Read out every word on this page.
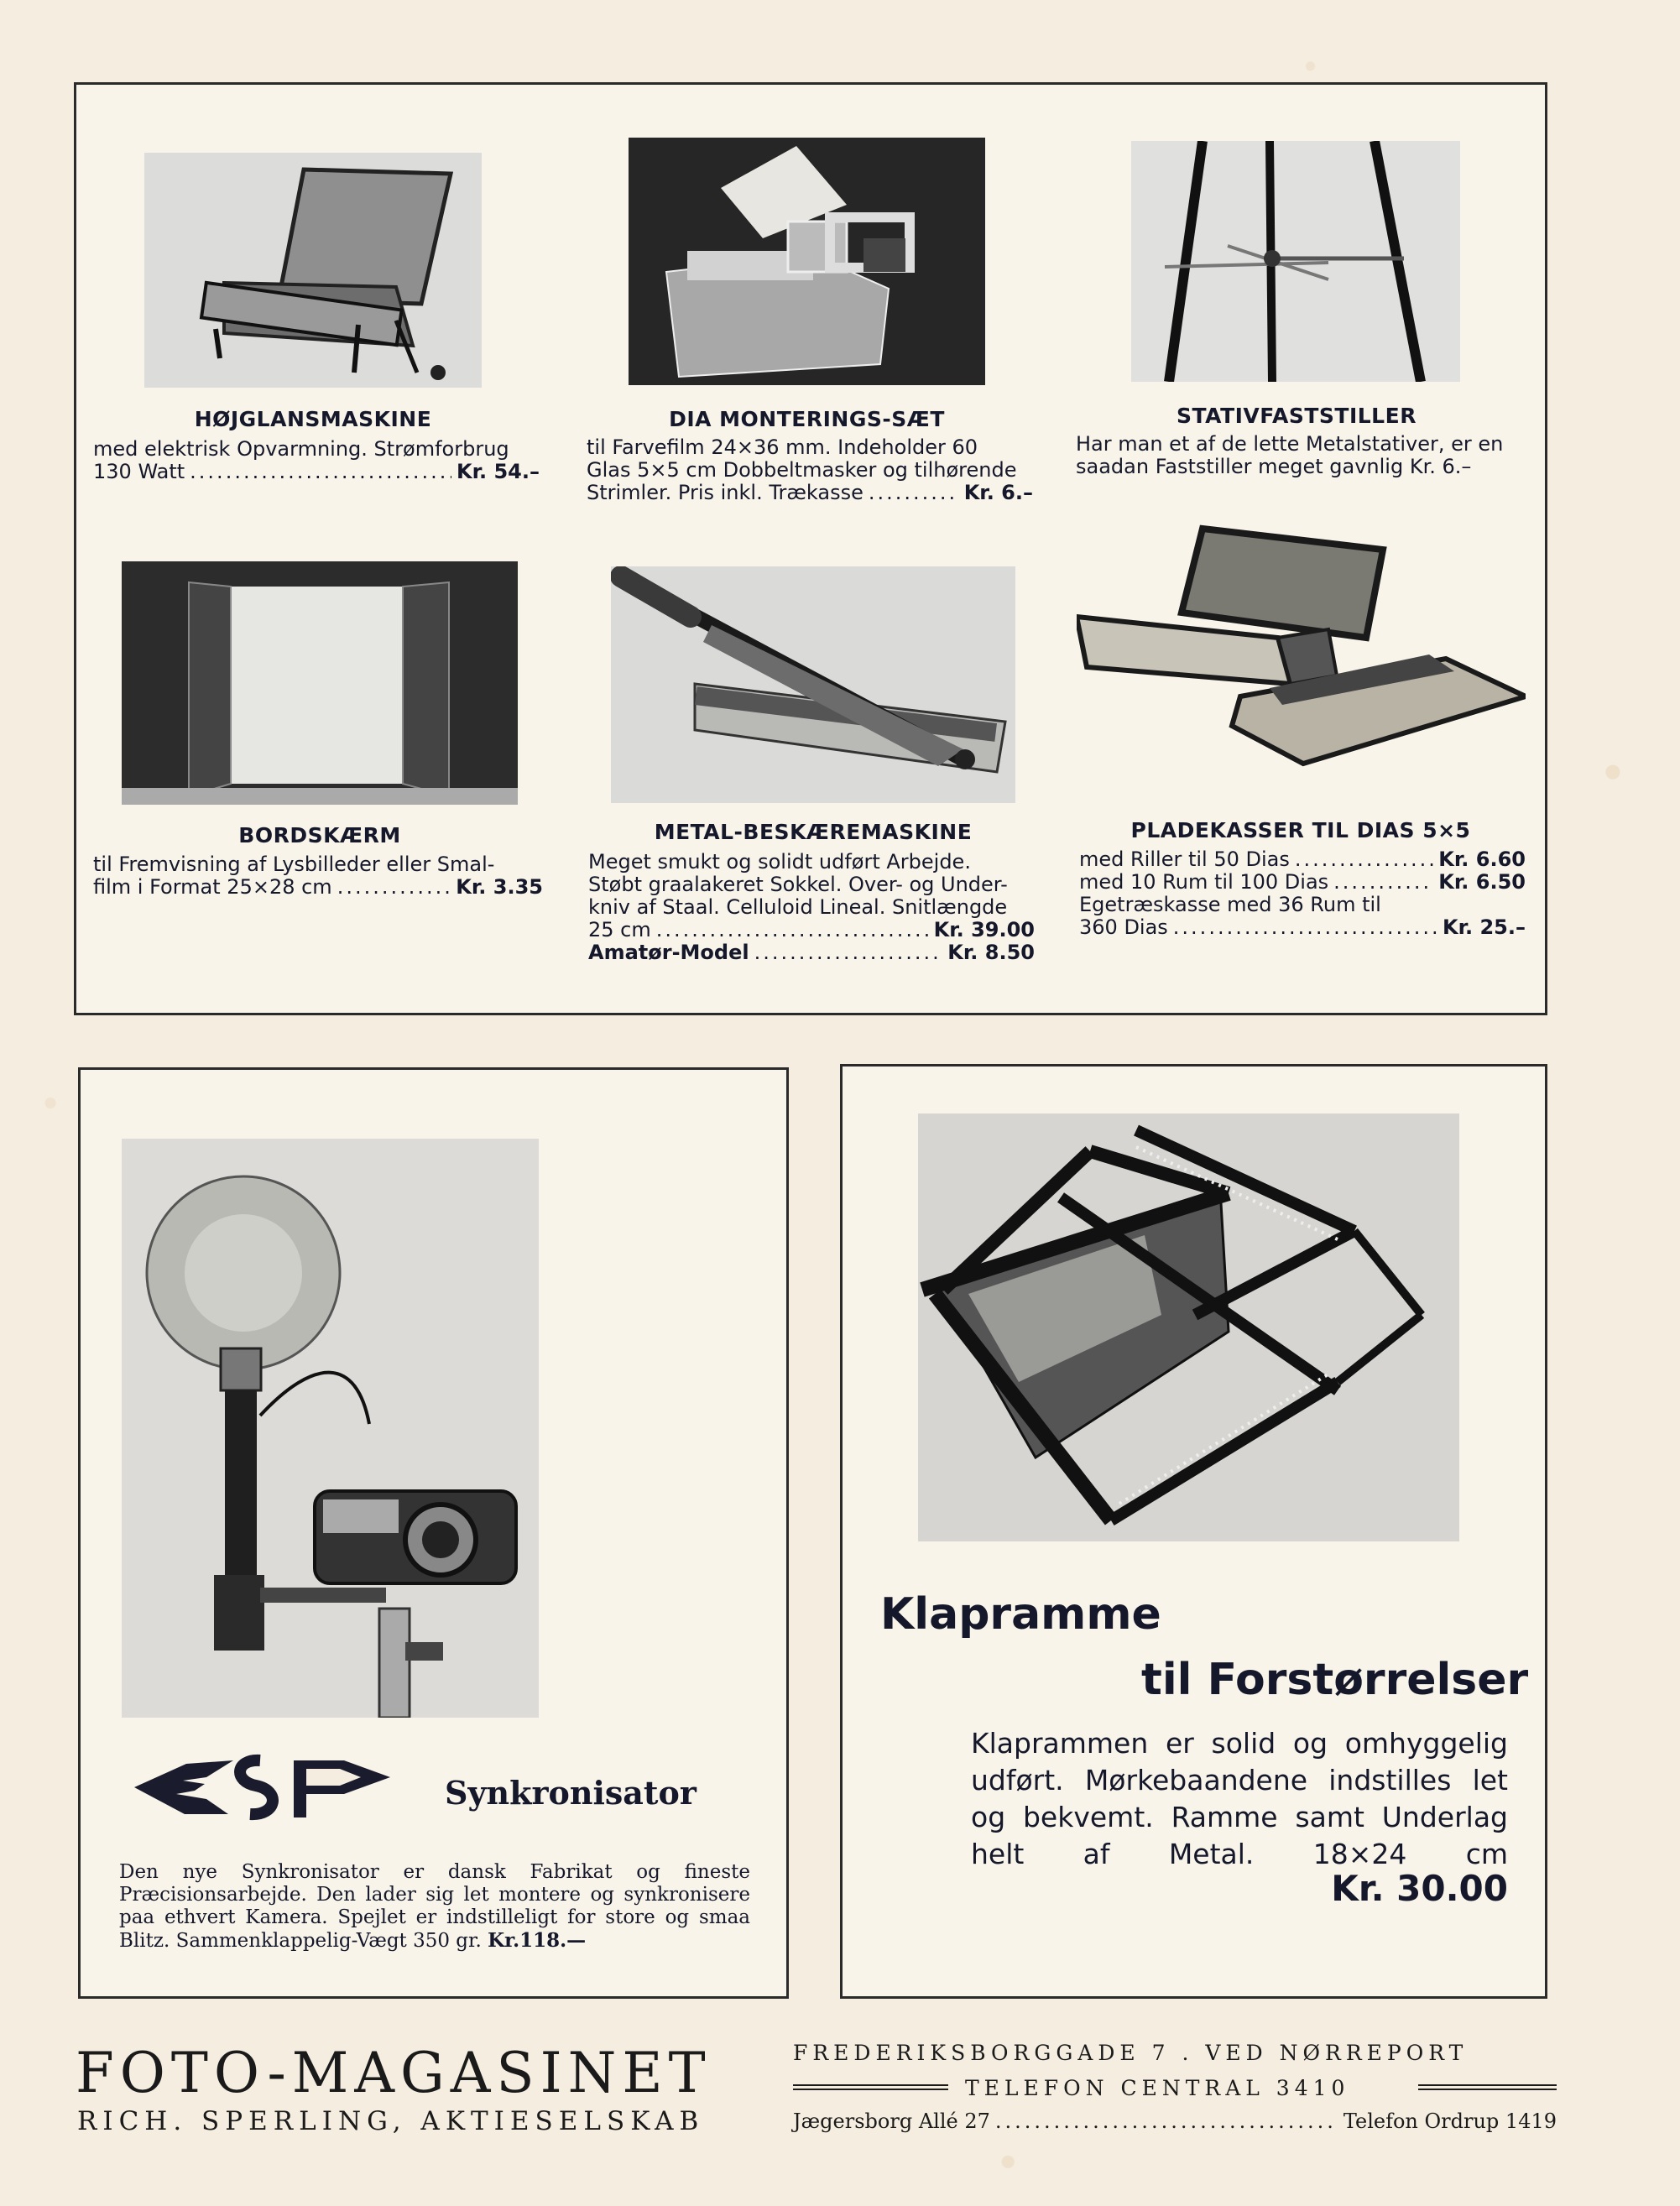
HØJGLANSMASKINE
med elektrisk Opvarmning. Strømforbrug
130 Watt .....	Kr. 54.–
DIA MONTERINGS-SÆT
til Farvefilm 24×36 mm. Indeholder 60
Glas 5×5 cm Dobbeltmasker og tilhørende
Strimler. Pris inkl. Trækasse .....	Kr. 6.–
STATIVFASTSTILLER
Har man et af de lette Metalstativer, er en
saadan Faststiller meget gavnlig Kr. 6.–
BORDSKÆRM
til Fremvisning af Lysbilleder eller Smal-
film i Format 25×28 cm .....	Kr. 3.35
METAL-BESKÆREMASKINE
Meget smukt og solidt udført Arbejde.
Støbt graalakeret Sokkel. Over- og Under-
kniv af Staal. Celluloid Lineal. Snitlængde
25 cm .....	Kr. 39.00
Amatør-Model .....	Kr. 8.50
PLADEKASSER TIL DIAS 5×5
med Riller til 50 Dias .....	Kr. 6.60
med 10 Rum til 100 Dias .....	Kr. 6.50
Egetræskasse med 36 Rum til
360 Dias .....	Kr. 25.–
Synkronisator
Den nye Synkronisator er dansk Fabrikat og fineste Præcisionsarbejde. Den lader sig let montere og synkronisere paa ethvert Kamera. Spejlet er indstilleligt for store og smaa Blitz. Sammenklappelig-Vægt 350 gr. Kr.118.—
Klapramme
til Forstørrelser
Klaprammen er solid og omhyggelig udført. Mørkebaandene indstilles let og bekvemt. Ramme samt Underlag helt af Metal. 18×24 cm
Kr. 30.00
FOTO-MAGASINET
RICH. SPERLING, AKTIESELSKAB
FREDERIKSBORGGADE 7 . VED NØRREPORT
TELEFON CENTRAL 3410
Jægersborg Allé 27 .....	Telefon Ordrup 1419
